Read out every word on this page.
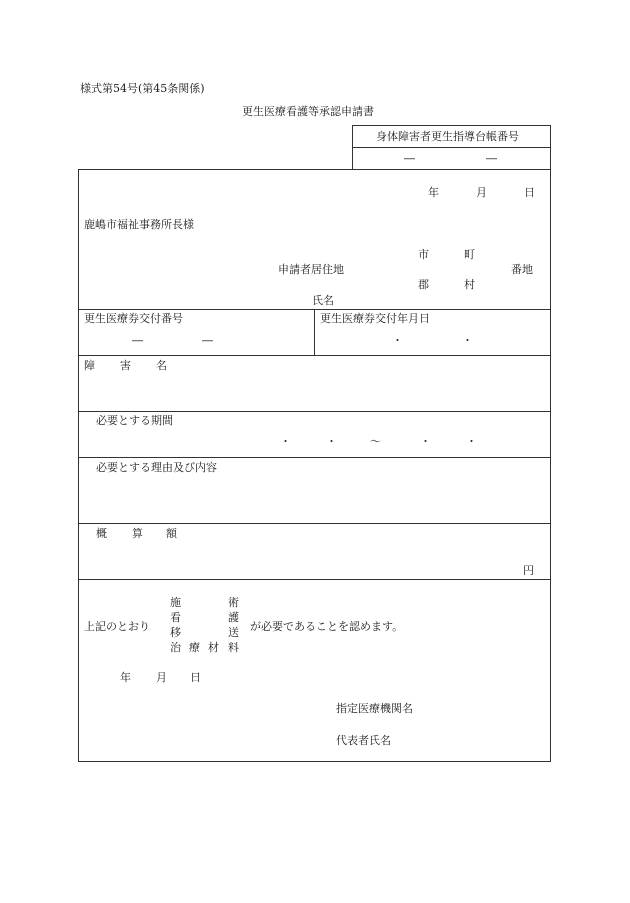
様式第54号(第45条関係)
更生医療看護等承認申請書
身体障害者更生指導台帳番号
―	―
年	月	日
鹿嶋市福祉事務所長様
市	町
申請者居住地	番地
郡	村
氏名
更生医療券交付番号
―	―
更生医療券交付年月日
・	・
障 害 名
必要とする期間
・	・	～	・	・
必要とする理由及び内容
概 算 額
円
上記のとおり
施	術
看	護
移	送
治 療 材 料
が必要であることを認めます。
年 月 日
指定医療機関名
代表者氏名
